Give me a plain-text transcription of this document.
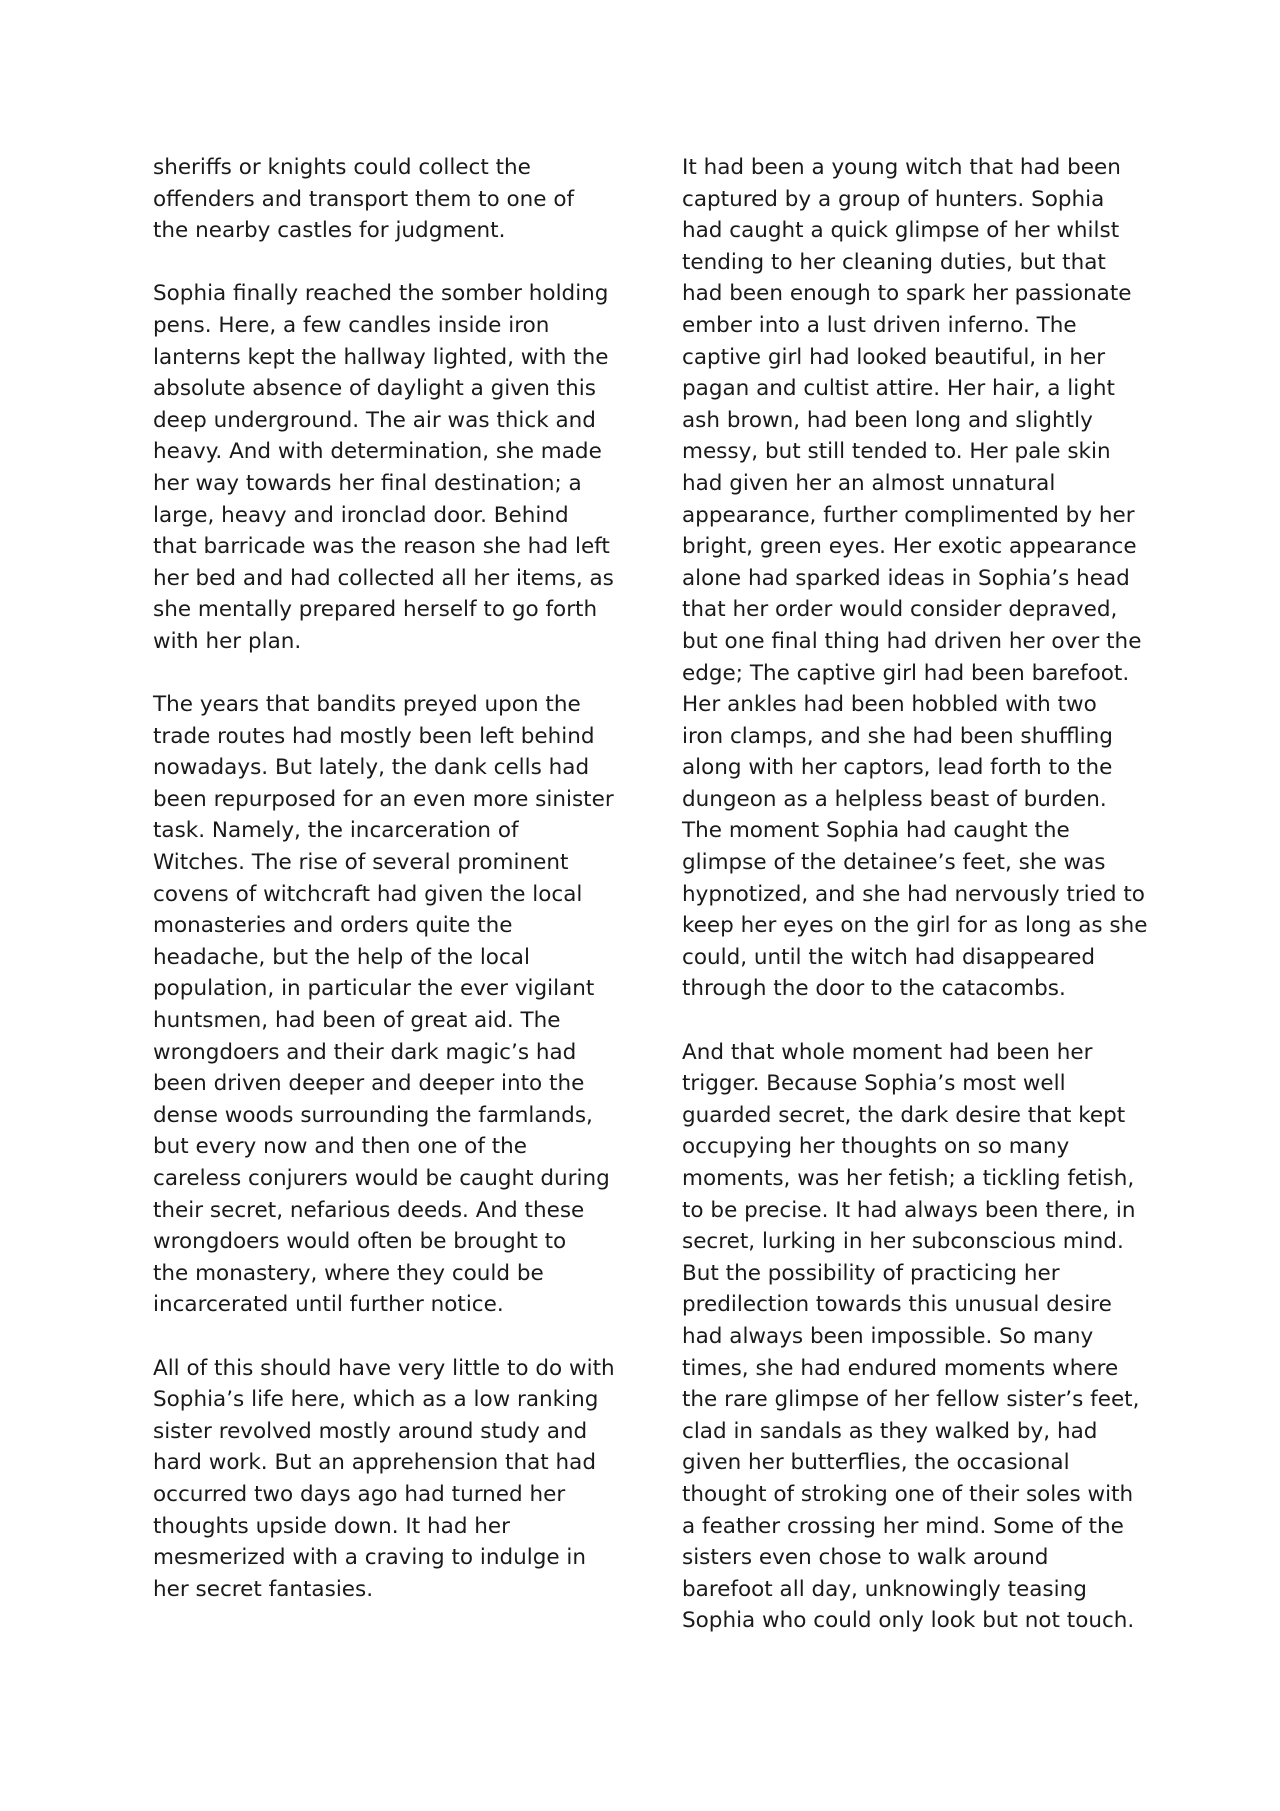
sheriffs or knights could collect the
offenders and transport them to one of
the nearby castles for judgment.
Sophia finally reached the somber holding
pens. Here, a few candles inside iron
lanterns kept the hallway lighted, with the
absolute absence of daylight a given this
deep underground. The air was thick and
heavy. And with determination, she made
her way towards her final destination; a
large, heavy and ironclad door. Behind
that barricade was the reason she had left
her bed and had collected all her items, as
she mentally prepared herself to go forth
with her plan.
The years that bandits preyed upon the
trade routes had mostly been left behind
nowadays. But lately, the dank cells had
been repurposed for an even more sinister
task. Namely, the incarceration of
Witches. The rise of several prominent
covens of witchcraft had given the local
monasteries and orders quite the
headache, but the help of the local
population, in particular the ever vigilant
huntsmen, had been of great aid. The
wrongdoers and their dark magic’s had
been driven deeper and deeper into the
dense woods surrounding the farmlands,
but every now and then one of the
careless conjurers would be caught during
their secret, nefarious deeds. And these
wrongdoers would often be brought to
the monastery, where they could be
incarcerated until further notice.
All of this should have very little to do with
Sophia’s life here, which as a low ranking
sister revolved mostly around study and
hard work. But an apprehension that had
occurred two days ago had turned her
thoughts upside down. It had her
mesmerized with a craving to indulge in
her secret fantasies.
It had been a young witch that had been
captured by a group of hunters. Sophia
had caught a quick glimpse of her whilst
tending to her cleaning duties, but that
had been enough to spark her passionate
ember into a lust driven inferno. The
captive girl had looked beautiful, in her
pagan and cultist attire. Her hair, a light
ash brown, had been long and slightly
messy, but still tended to. Her pale skin
had given her an almost unnatural
appearance, further complimented by her
bright, green eyes. Her exotic appearance
alone had sparked ideas in Sophia’s head
that her order would consider depraved,
but one final thing had driven her over the
edge; The captive girl had been barefoot.
Her ankles had been hobbled with two
iron clamps, and she had been shuffling
along with her captors, lead forth to the
dungeon as a helpless beast of burden.
The moment Sophia had caught the
glimpse of the detainee’s feet, she was
hypnotized, and she had nervously tried to
keep her eyes on the girl for as long as she
could, until the witch had disappeared
through the door to the catacombs.
And that whole moment had been her
trigger. Because Sophia’s most well
guarded secret, the dark desire that kept
occupying her thoughts on so many
moments, was her fetish; a tickling fetish,
to be precise. It had always been there, in
secret, lurking in her subconscious mind.
But the possibility of practicing her
predilection towards this unusual desire
had always been impossible. So many
times, she had endured moments where
the rare glimpse of her fellow sister’s feet,
clad in sandals as they walked by, had
given her butterflies, the occasional
thought of stroking one of their soles with
a feather crossing her mind. Some of the
sisters even chose to walk around
barefoot all day, unknowingly teasing
Sophia who could only look but not touch.
